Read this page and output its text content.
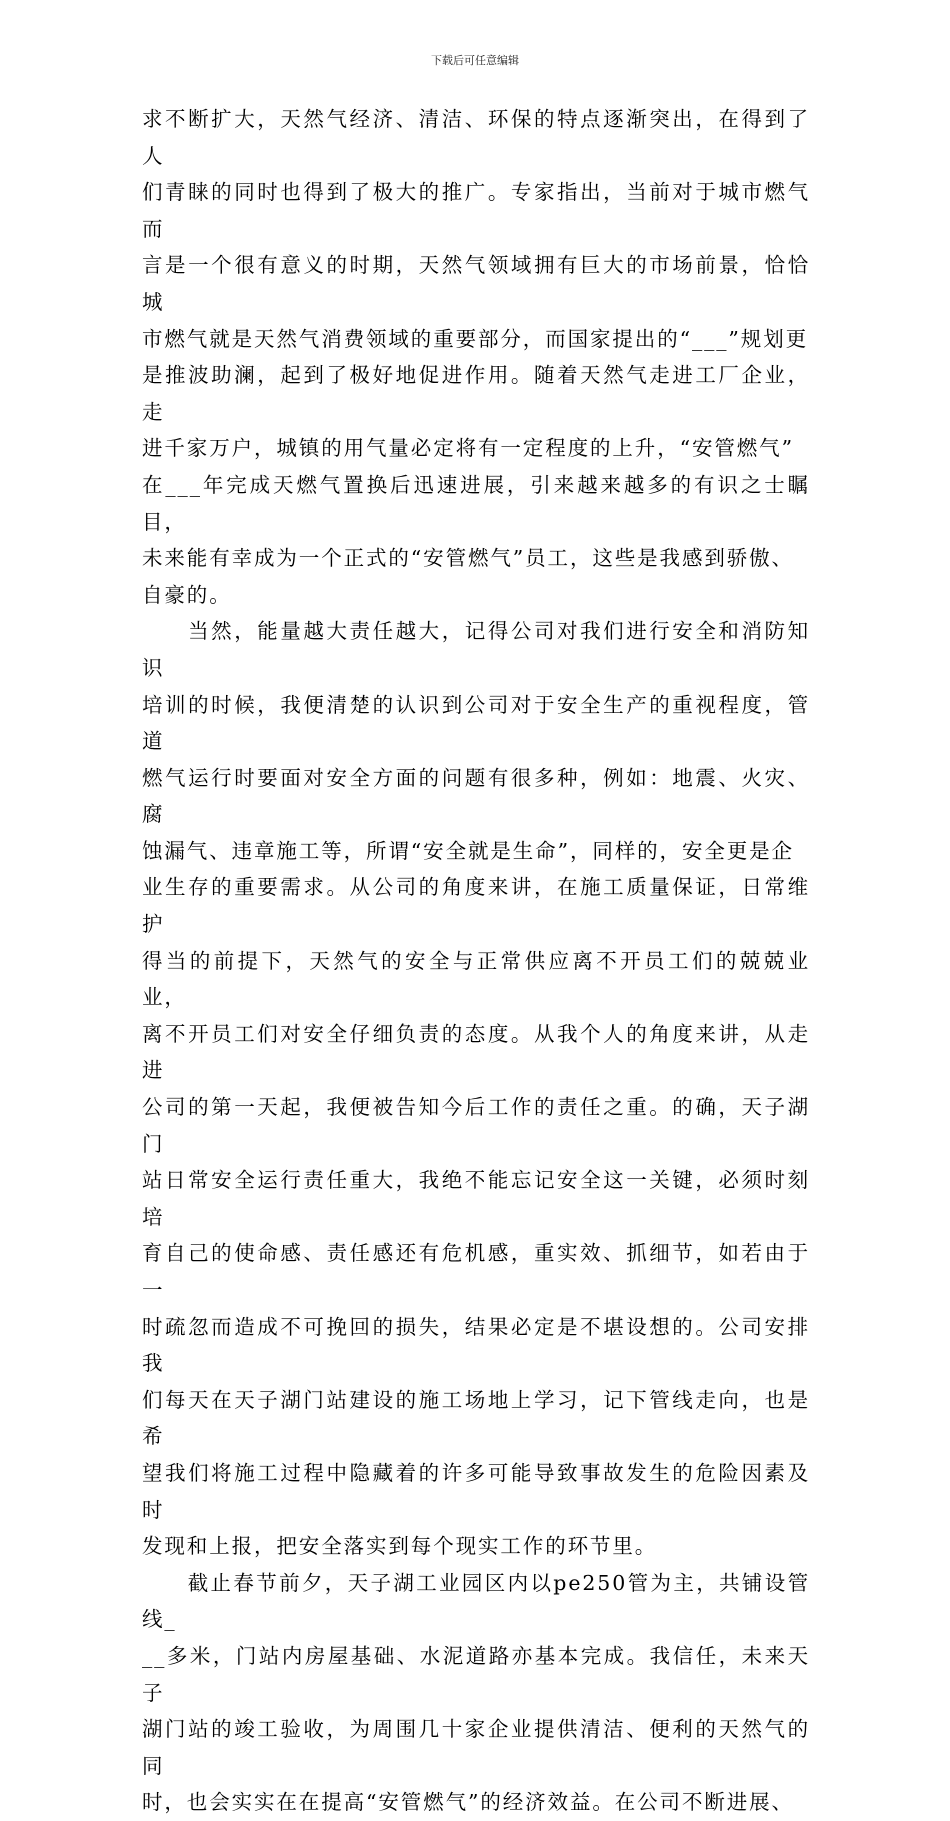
下载后可任意编辑
求不断扩大，天然气经济、清洁、环保的特点逐渐突出，在得到了人
们青睐的同时也得到了极大的推广。专家指出，当前对于城市燃气而
言是一个很有意义的时期，天然气领域拥有巨大的市场前景，恰恰城
市燃气就是天然气消费领域的重要部分，而国家提出的“___”规划更
是推波助澜，起到了极好地促进作用。随着天然气走进工厂企业，走
进千家万户，城镇的用气量必定将有一定程度的上升，“安管燃气”
在___年完成天燃气置换后迅速进展，引来越来越多的有识之士瞩目，
未来能有幸成为一个正式的“安管燃气”员工，这些是我感到骄傲、
自豪的。
　　当然，能量越大责任越大，记得公司对我们进行安全和消防知识
培训的时候，我便清楚的认识到公司对于安全生产的重视程度，管道
燃气运行时要面对安全方面的问题有很多种，例如：地震、火灾、腐
蚀漏气、违章施工等，所谓“安全就是生命”，同样的，安全更是企
业生存的重要需求。从公司的角度来讲，在施工质量保证，日常维护
得当的前提下，天然气的安全与正常供应离不开员工们的兢兢业业，
离不开员工们对安全仔细负责的态度。从我个人的角度来讲，从走进
公司的第一天起，我便被告知今后工作的责任之重。的确，天子湖门
站日常安全运行责任重大，我绝不能忘记安全这一关键，必须时刻培
育自己的使命感、责任感还有危机感，重实效、抓细节，如若由于一
时疏忽而造成不可挽回的损失，结果必定是不堪设想的。公司安排我
们每天在天子湖门站建设的施工场地上学习，记下管线走向，也是希
望我们将施工过程中隐藏着的许多可能导致事故发生的危险因素及时
发现和上报，把安全落实到每个现实工作的环节里。
　　截止春节前夕，天子湖工业园区内以pe250管为主，共铺设管线_
__多米，门站内房屋基础、水泥道路亦基本完成。我信任，未来天子
湖门站的竣工验收，为周围几十家企业提供清洁、便利的天然气的同
时，也会实实在在提高“安管燃气”的经济效益。在公司不断进展、
